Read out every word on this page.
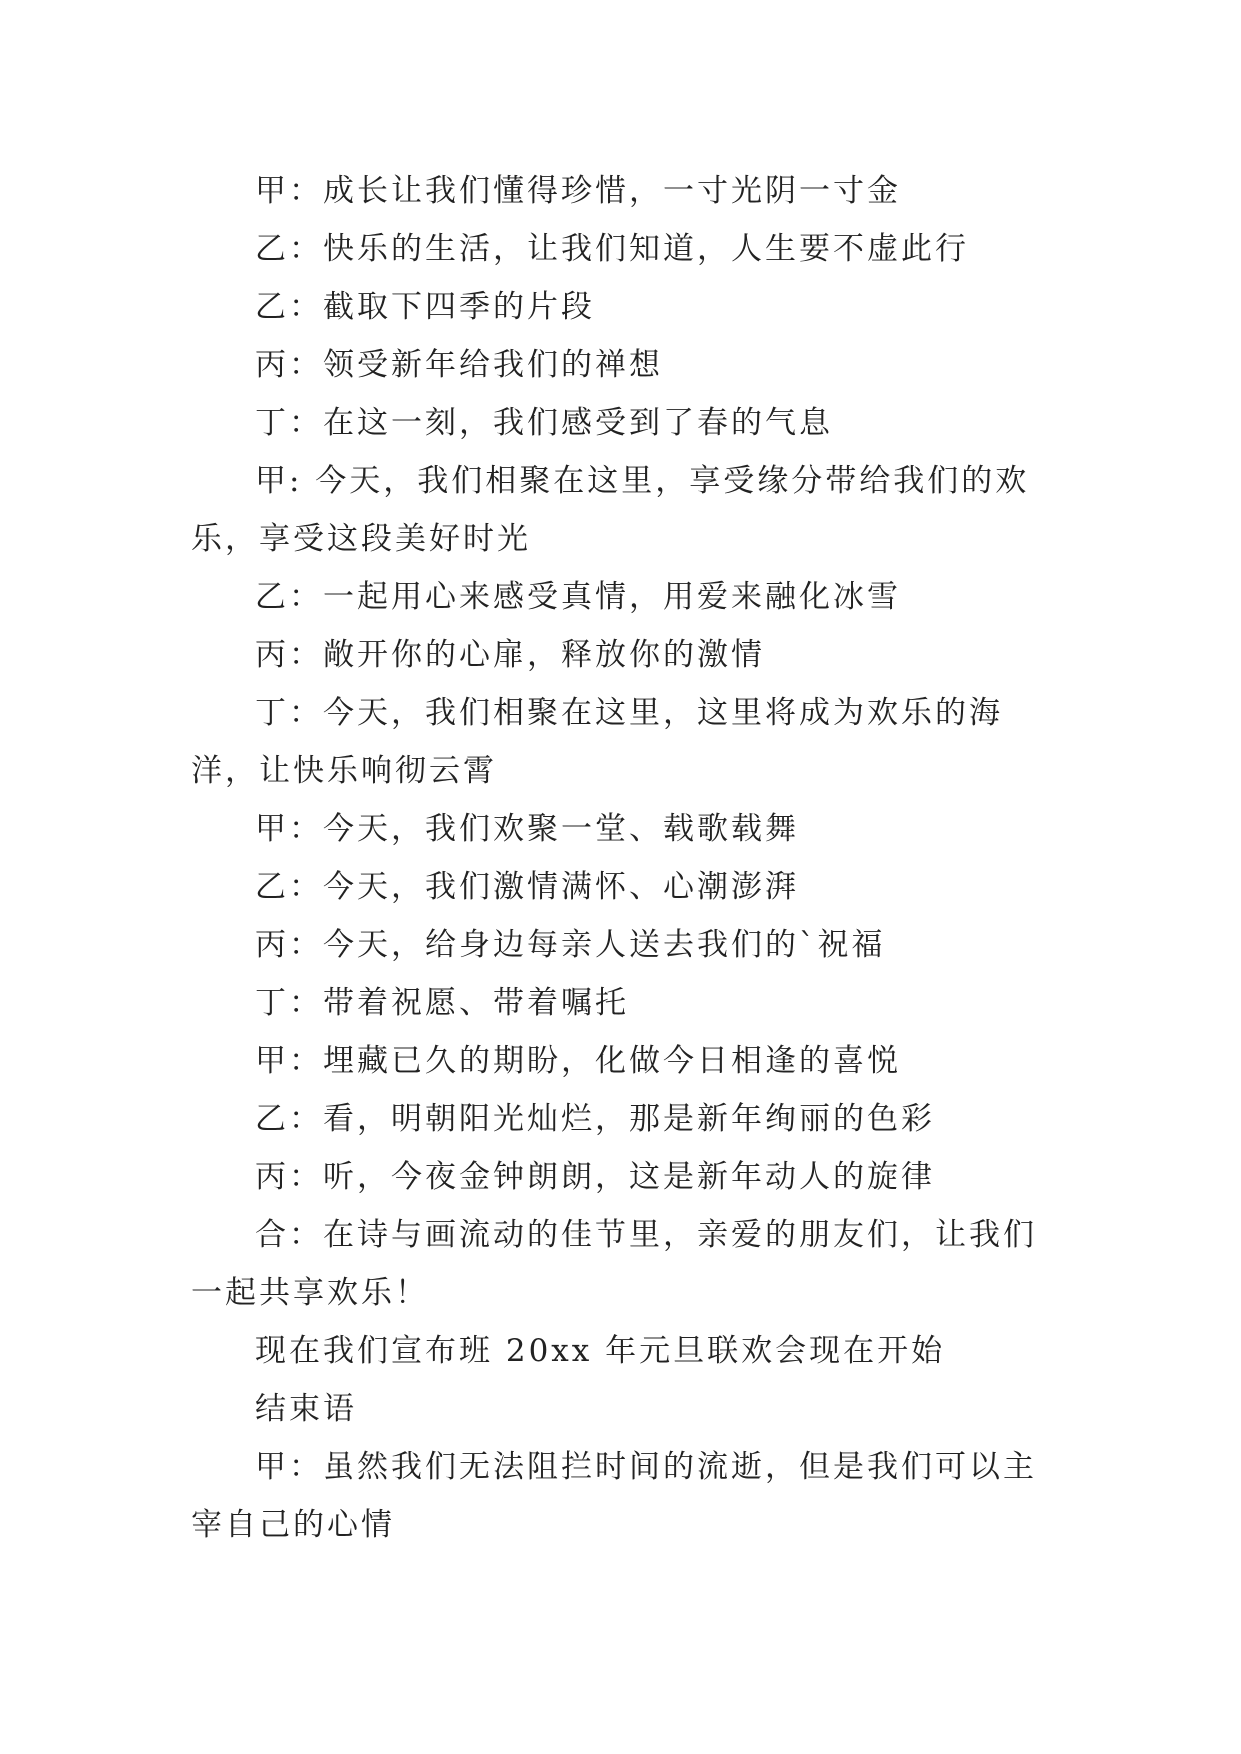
甲：成长让我们懂得珍惜，一寸光阴一寸金

乙：快乐的生活，让我们知道，人生要不虚此行

乙：截取下四季的片段

丙：领受新年给我们的禅想

丁：在这一刻，我们感受到了春的气息

甲: 今天，我们相聚在这里，享受缘分带给我们的欢乐，享受这段美好时光

乙：一起用心来感受真情，用爱来融化冰雪

丙：敞开你的心扉，释放你的激情

丁：今天，我们相聚在这里，这里将成为欢乐的海洋，让快乐响彻云霄

甲：今天，我们欢聚一堂、载歌载舞

乙：今天，我们激情满怀、心潮澎湃

丙：今天，给身边每亲人送去我们的`祝福

丁：带着祝愿、带着嘱托

甲：埋藏已久的期盼，化做今日相逢的喜悦

乙：看，明朝阳光灿烂，那是新年绚丽的色彩

丙：听，今夜金钟朗朗，这是新年动人的旋律

合：在诗与画流动的佳节里，亲爱的朋友们，让我们一起共享欢乐！

现在我们宣布班 20xx 年元旦联欢会现在开始

结束语

甲：虽然我们无法阻拦时间的流逝，但是我们可以主宰自己的心情
